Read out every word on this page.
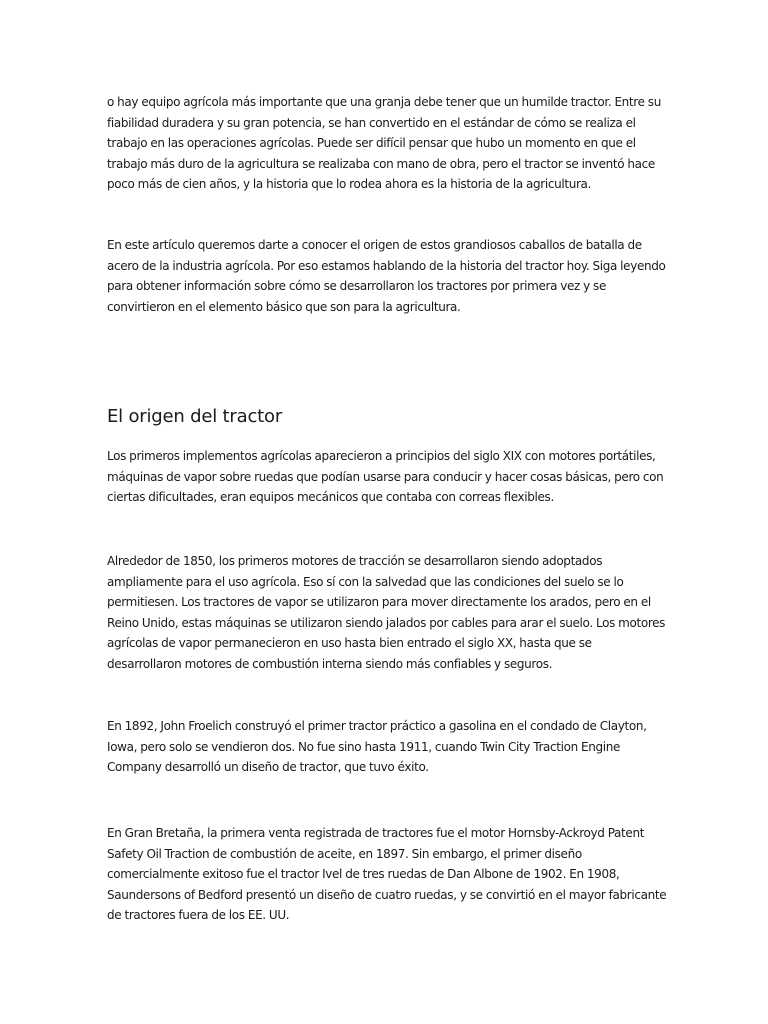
o hay equipo agrícola más importante que una granja debe tener que un humilde tractor. Entre su fiabilidad duradera y su gran potencia, se han convertido en el estándar de cómo se realiza el trabajo en las operaciones agrícolas. Puede ser difícil pensar que hubo un momento en que el trabajo más duro de la agricultura se realizaba con mano de obra, pero el tractor se inventó hace poco más de cien años, y la historia que lo rodea ahora es la historia de la agricultura.

En este artículo queremos darte a conocer el origen de estos grandiosos caballos de batalla de acero de la industria agrícola. Por eso estamos hablando de la historia del tractor hoy. Siga leyendo para obtener información sobre cómo se desarrollaron los tractores por primera vez y se convirtieron en el elemento básico que son para la agricultura.

El origen del tractor

Los primeros implementos agrícolas aparecieron a principios del siglo XIX con motores portátiles, máquinas de vapor sobre ruedas que podían usarse para conducir y hacer cosas básicas, pero con ciertas dificultades, eran equipos mecánicos que contaba con correas flexibles.

Alrededor de 1850, los primeros motores de tracción se desarrollaron siendo adoptados ampliamente para el uso agrícola. Eso sí con la salvedad que las condiciones del suelo se lo permitiesen. Los tractores de vapor se utilizaron para mover directamente los arados, pero en el Reino Unido, estas máquinas se utilizaron siendo jalados por cables para arar el suelo. Los motores agrícolas de vapor permanecieron en uso hasta bien entrado el siglo XX, hasta que se desarrollaron motores de combustión interna siendo más confiables y seguros.

En 1892, John Froelich construyó el primer tractor práctico a gasolina en el condado de Clayton, Iowa, pero solo se vendieron dos. No fue sino hasta 1911, cuando Twin City Traction Engine Company desarrolló un diseño de tractor, que tuvo éxito.

En Gran Bretaña, la primera venta registrada de tractores fue el motor Hornsby-Ackroyd Patent Safety Oil Traction de combustión de aceite, en 1897. Sin embargo, el primer diseño comercialmente exitoso fue el tractor Ivel de tres ruedas de Dan Albone de 1902. En 1908, Saundersons of Bedford presentó un diseño de cuatro ruedas, y se convirtió en el mayor fabricante de tractores fuera de los EE. UU.
